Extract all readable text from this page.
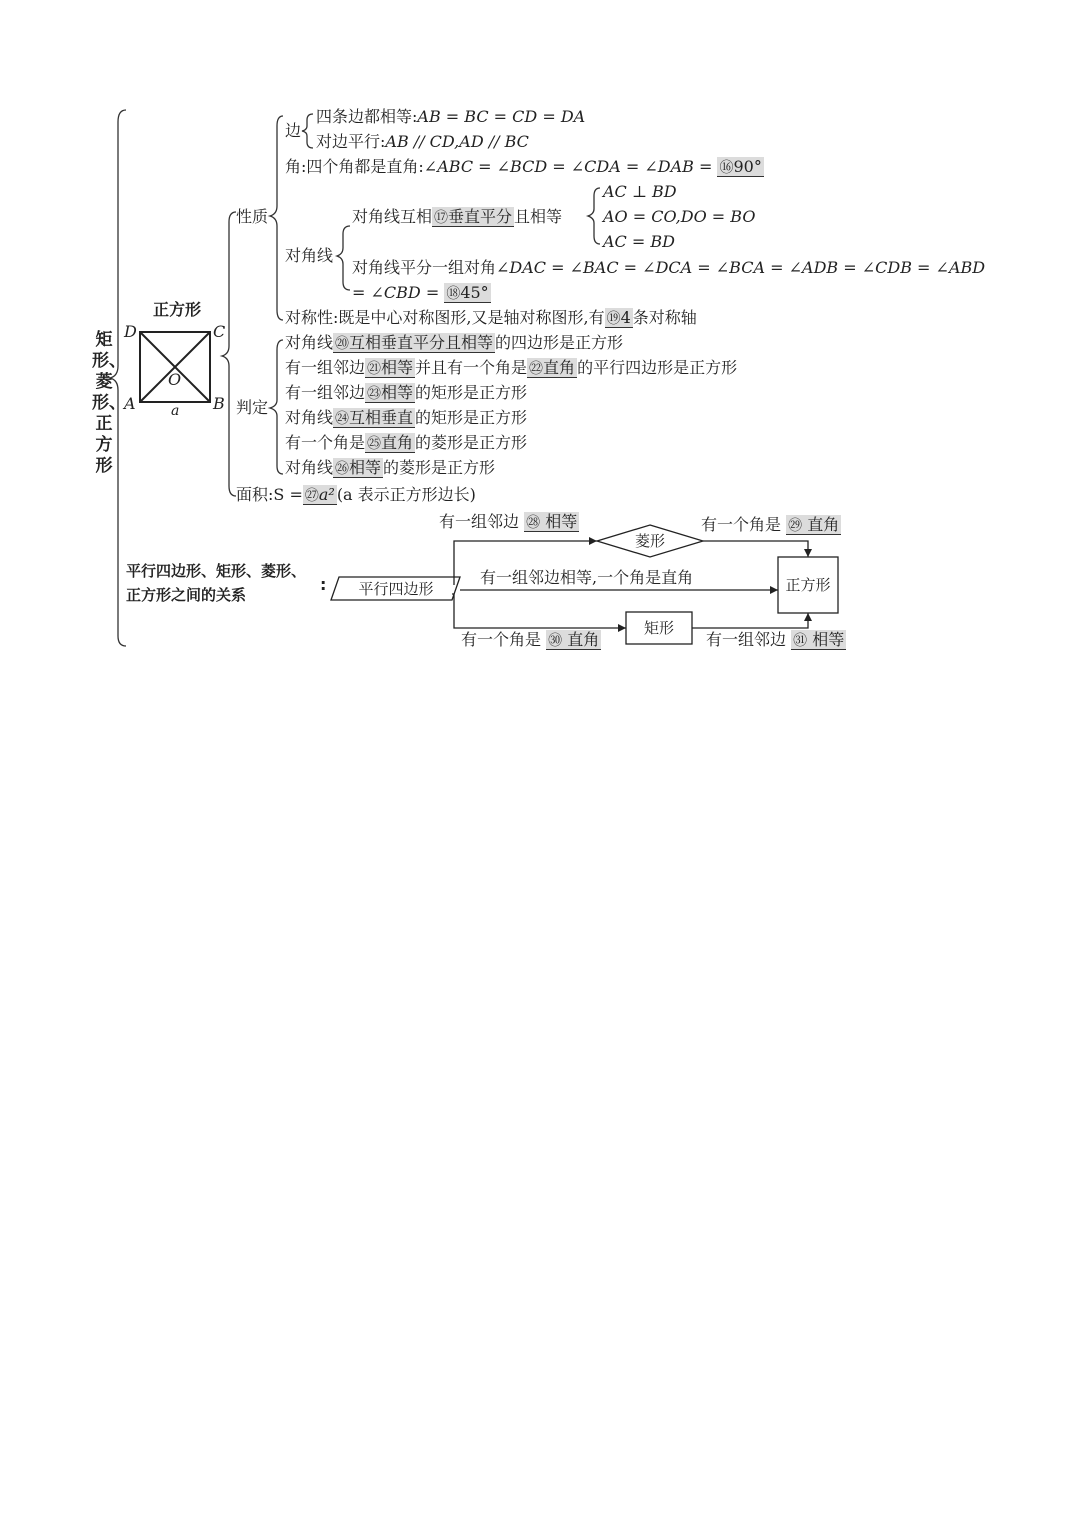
矩形、菱形、正方形
正方形
D	C
A	B
O
a
性质
判定
边
四条边都相等:AB = BC = CD = DA
对边平行:AB // CD,AD // BC
角:四个角都是直角:∠ABC = ∠BCD = ∠CDA = ∠DAB = ⑯90°
对角线
对角线互相 ⑰垂直平分 且相等
AC ⊥ BD
AO = CO,DO = BO
AC = BD
对角线平分一组对角∠DAC = ∠BAC = ∠DCA = ∠BCA = ∠ADB = ∠CDB = ∠ABD
= ∠CBD = ⑱45°
对称性:既是中心对称图形,又是轴对称图形,有 ⑲4 条对称轴
对角线 ⑳互相垂直平分且相等 的四边形是正方形
有一组邻边 ㉑相等 并且有一个角是 ㉒直角 的平行四边形是正方形
有一组邻边 ㉓相等 的矩形是正方形
对角线 ㉔互相垂直 的矩形是正方形
有一个角是 ㉕直角 的菱形是正方形
对角线 ㉖相等 的菱形是正方形
面积:S = ㉗a² (a 表示正方形边长)
平行四边形、矩形、菱形、
正方形之间的关系
:	平行四边形
菱形
矩形
正方形
有一组邻边 ㉘ 相等	有一个角是 ㉙ 直角
有一组邻边相等,一个角是直角
有一个角是 ㉚ 直角	有一组邻边 ㉛ 相等
